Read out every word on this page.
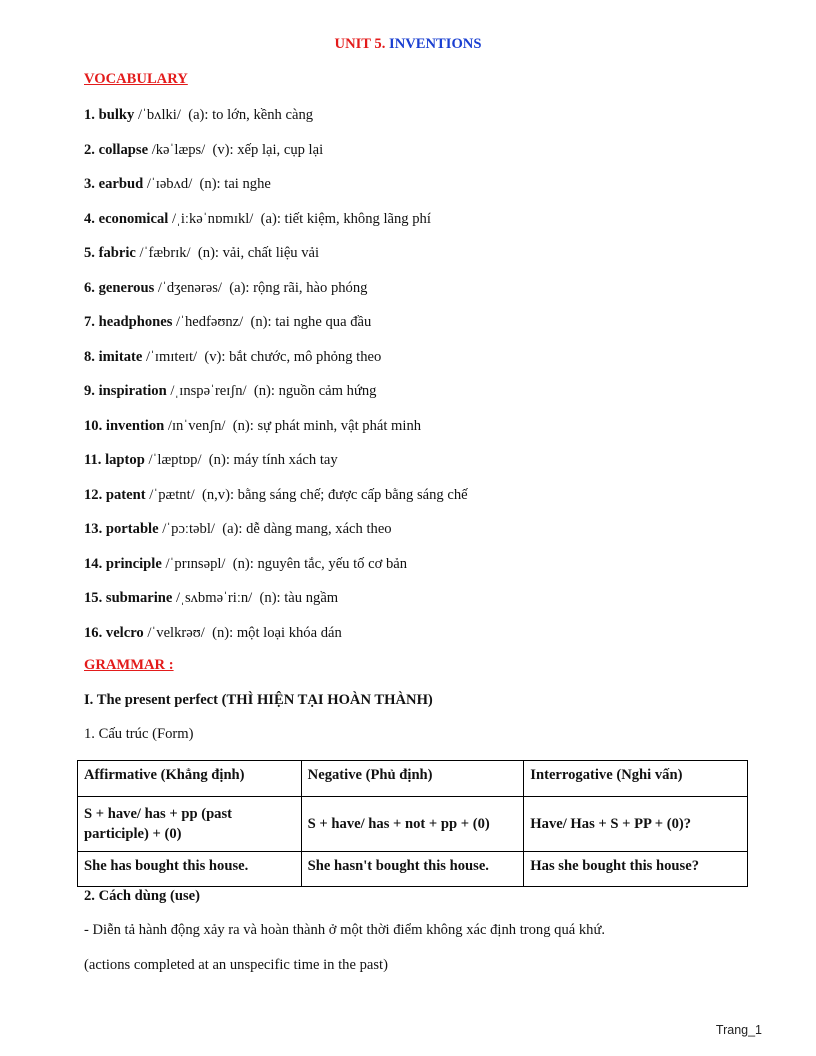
UNIT 5. INVENTIONS
VOCABULARY
1. bulky /ˈbʌlki/  (a): to lớn, kềnh càng
2. collapse /kəˈlæps/  (v): xếp lại, cụp lại
3. earbud /ˈɪəbʌd/  (n): tai nghe
4. economical /ˌiːkəˈnɒmɪkl/  (a): tiết kiệm, không lãng phí
5. fabric /ˈfæbrɪk/  (n): vải, chất liệu vải
6. generous /ˈdʒenərəs/  (a): rộng rãi, hào phóng
7. headphones /ˈhedfəʊnz/  (n): tai nghe qua đầu
8. imitate /ˈɪmɪteɪt/  (v): bắt chước, mô phỏng theo
9. inspiration /ˌɪnspəˈreɪʃn/  (n): nguồn cảm hứng
10. invention /ɪnˈvenʃn/  (n): sự phát minh, vật phát minh
11. laptop /ˈlæptɒp/  (n): máy tính xách tay
12. patent /ˈpætnt/  (n,v): bằng sáng chế; được cấp bằng sáng chế
13. portable /ˈpɔːtəbl/  (a): dễ dàng mang, xách theo
14. principle /ˈprɪnsəpl/  (n): nguyên tắc, yếu tố cơ bản
15. submarine /ˌsʌbməˈriːn/  (n): tàu ngầm
16. velcro /ˈvelkrəʊ/  (n): một loại khóa dán
GRAMMAR :
I. The present perfect (THÌ HIỆN TẠI HOÀN THÀNH)
1. Cấu trúc (Form)
Affirmative (Khẳng định)	Negative (Phủ định)	Interrogative (Nghi vấn)
S + have/ has + pp (past participle) + (0)	S + have/ has + not + pp + (0)	Have/ Has + S + PP + (0)?
She has bought this house.	She hasn't bought this house.	Has she bought this house?
2. Cách dùng (use)
- Diễn tả hành động xảy ra và hoàn thành ở một thời điểm không xác định trong quá khứ.
(actions completed at an unspecific time in the past)
Trang_1
